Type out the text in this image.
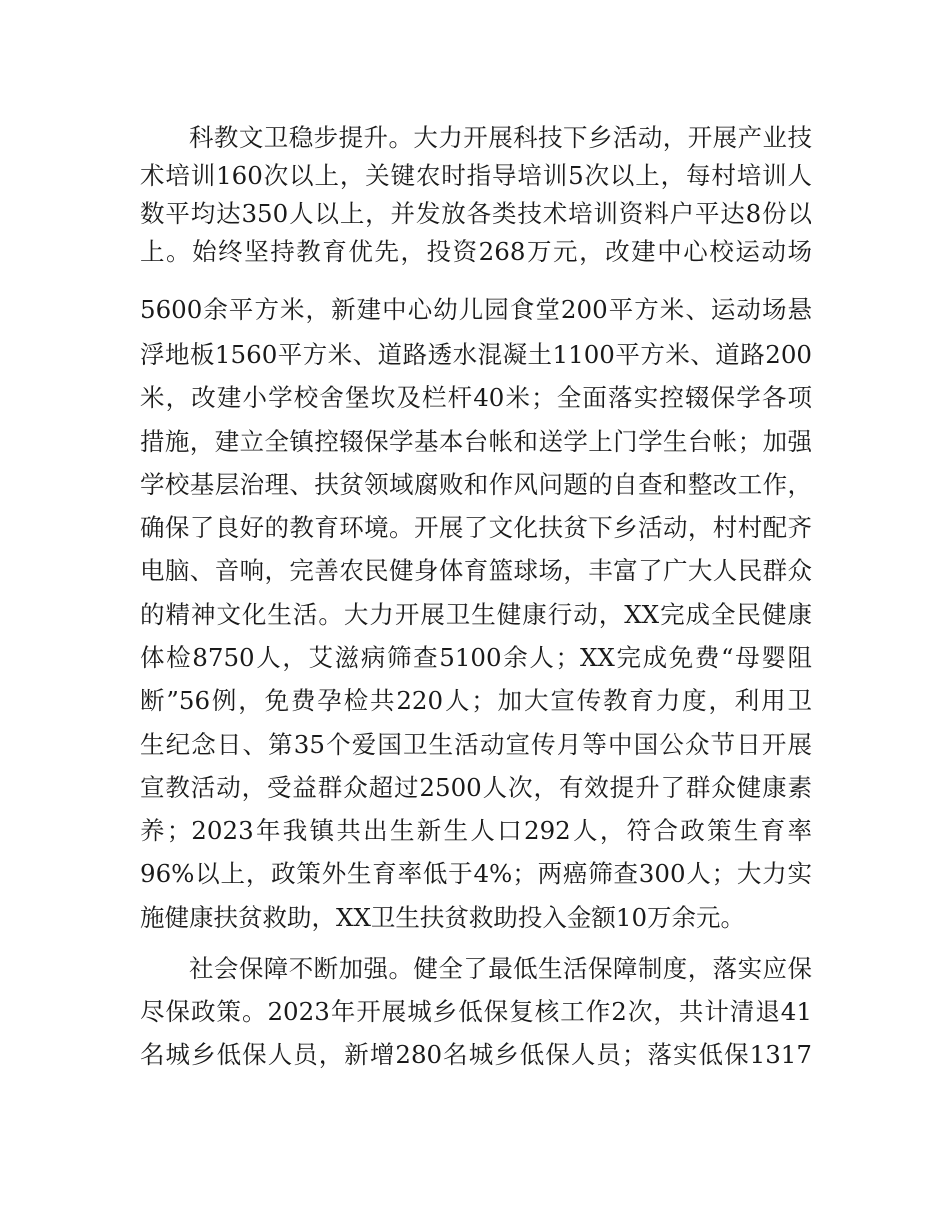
科教文卫稳步提升。大力开展科技下乡活动，开展产业技
术培训160次以上，关键农时指导培训5次以上，每村培训人
数平均达350人以上，并发放各类技术培训资料户平达8份以
上。始终坚持教育优先，投资268万元，改建中心校运动场
5600余平方米，新建中心幼儿园食堂200平方米、运动场悬
浮地板1560平方米、道路透水混凝土1100平方米、道路200
米，改建小学校舍堡坎及栏杆40米；全面落实控辍保学各项
措施，建立全镇控辍保学基本台帐和送学上门学生台帐；加强
学校基层治理、扶贫领域腐败和作风问题的自查和整改工作，
确保了良好的教育环境。开展了文化扶贫下乡活动，村村配齐
电脑、音响，完善农民健身体育篮球场，丰富了广大人民群众
的精神文化生活。大力开展卫生健康行动，XX完成全民健康
体检8750人，艾滋病筛查5100余人；XX完成免费“母婴阻
断”56例，免费孕检共220人；加大宣传教育力度，利用卫
生纪念日、第35个爱国卫生活动宣传月等中国公众节日开展
宣教活动，受益群众超过2500人次，有效提升了群众健康素
养；2023年我镇共出生新生人口292人，符合政策生育率
96%以上，政策外生育率低于4%；两癌筛查300人；大力实
施健康扶贫救助，XX卫生扶贫救助投入金额10万余元。
社会保障不断加强。健全了最低生活保障制度，落实应保
尽保政策。2023年开展城乡低保复核工作2次，共计清退41
名城乡低保人员，新增280名城乡低保人员；落实低保1317
